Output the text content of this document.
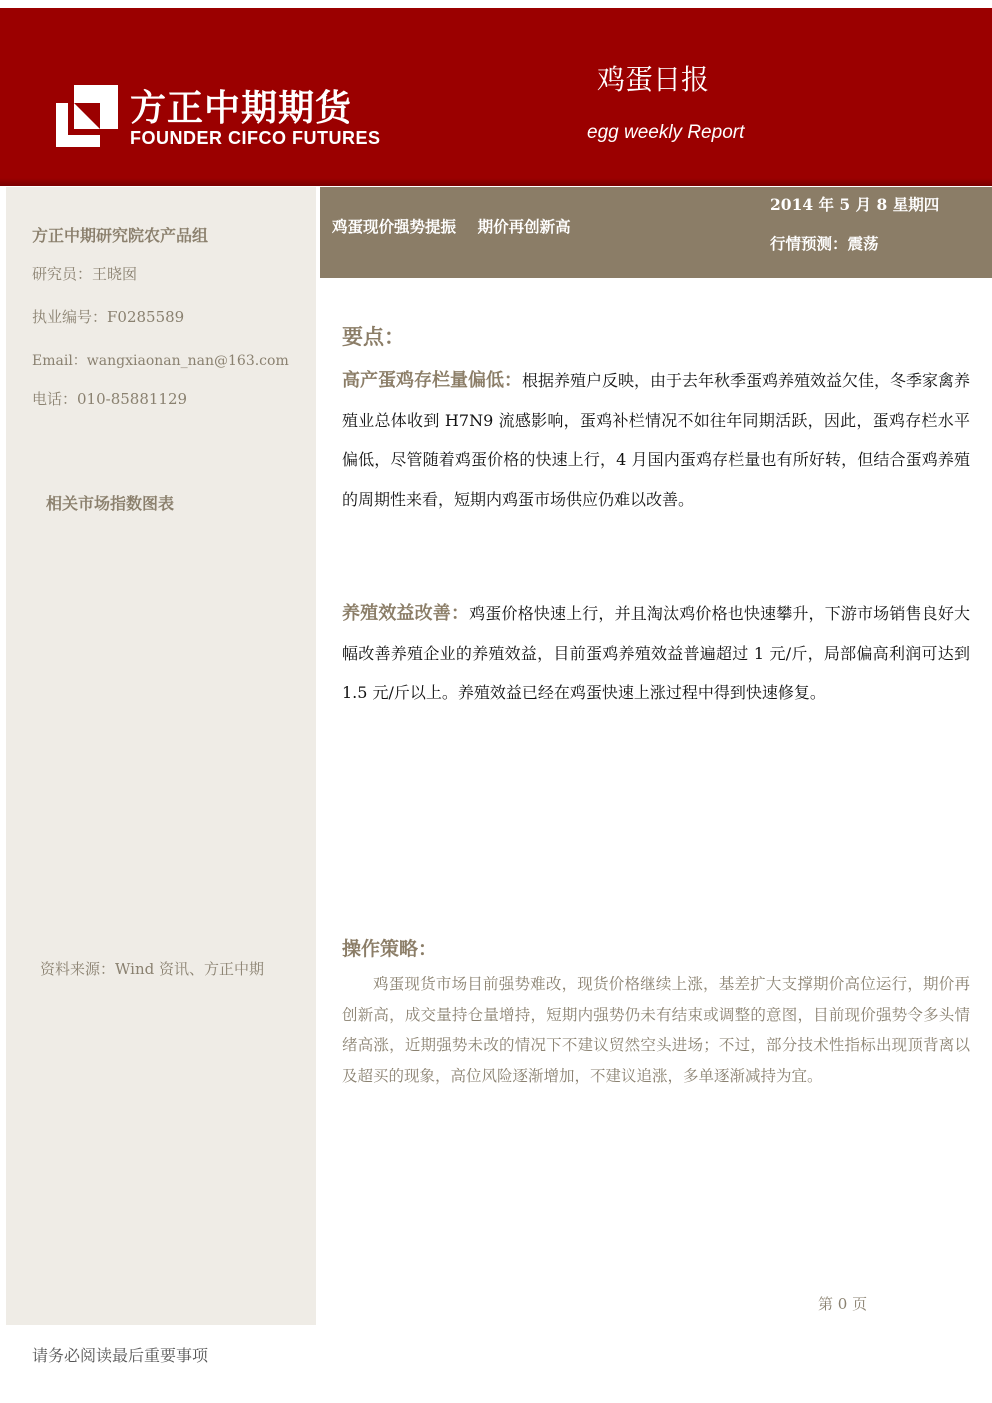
方正中期期货
FOUNDER CIFCO FUTURES
鸡蛋日报
egg weekly Report
方正中期研究院农产品组
研究员：王晓囡
执业编号：F0285589
Email：wangxiaonan_nan@163.com
电话：010-85881129
相关市场指数图表
资料来源：Wind 资讯、方正中期
鸡蛋现价强势提振    期价再创新高
2014 年 5 月 8 星期四
行情预测：震荡
要点：

高产蛋鸡存栏量偏低：根据养殖户反映，由于去年秋季蛋鸡养殖效益欠佳，冬季家禽养殖业总体收到 H7N9 流感影响，蛋鸡补栏情况不如往年同期活跃，因此，蛋鸡存栏水平偏低，尽管随着鸡蛋价格的快速上行，4 月国内蛋鸡存栏量也有所好转，但结合蛋鸡养殖的周期性来看，短期内鸡蛋市场供应仍难以改善。

养殖效益改善：鸡蛋价格快速上行，并且淘汰鸡价格也快速攀升，下游市场销售良好大幅改善养殖企业的养殖效益，目前蛋鸡养殖效益普遍超过 1 元/斤，局部偏高利润可达到 1.5 元/斤以上。养殖效益已经在鸡蛋快速上涨过程中得到快速修复。

操作策略：

鸡蛋现货市场目前强势难改，现货价格继续上涨，基差扩大支撑期价高位运行，期价再创新高，成交量持仓量增持，短期内强势仍未有结束或调整的意图，目前现价强势令多头情绪高涨，近期强势未改的情况下不建议贸然空头进场；不过，部分技术性指标出现顶背离以及超买的现象，高位风险逐渐增加，不建议追涨，多单逐渐减持为宜。

第 0 页
请务必阅读最后重要事项
